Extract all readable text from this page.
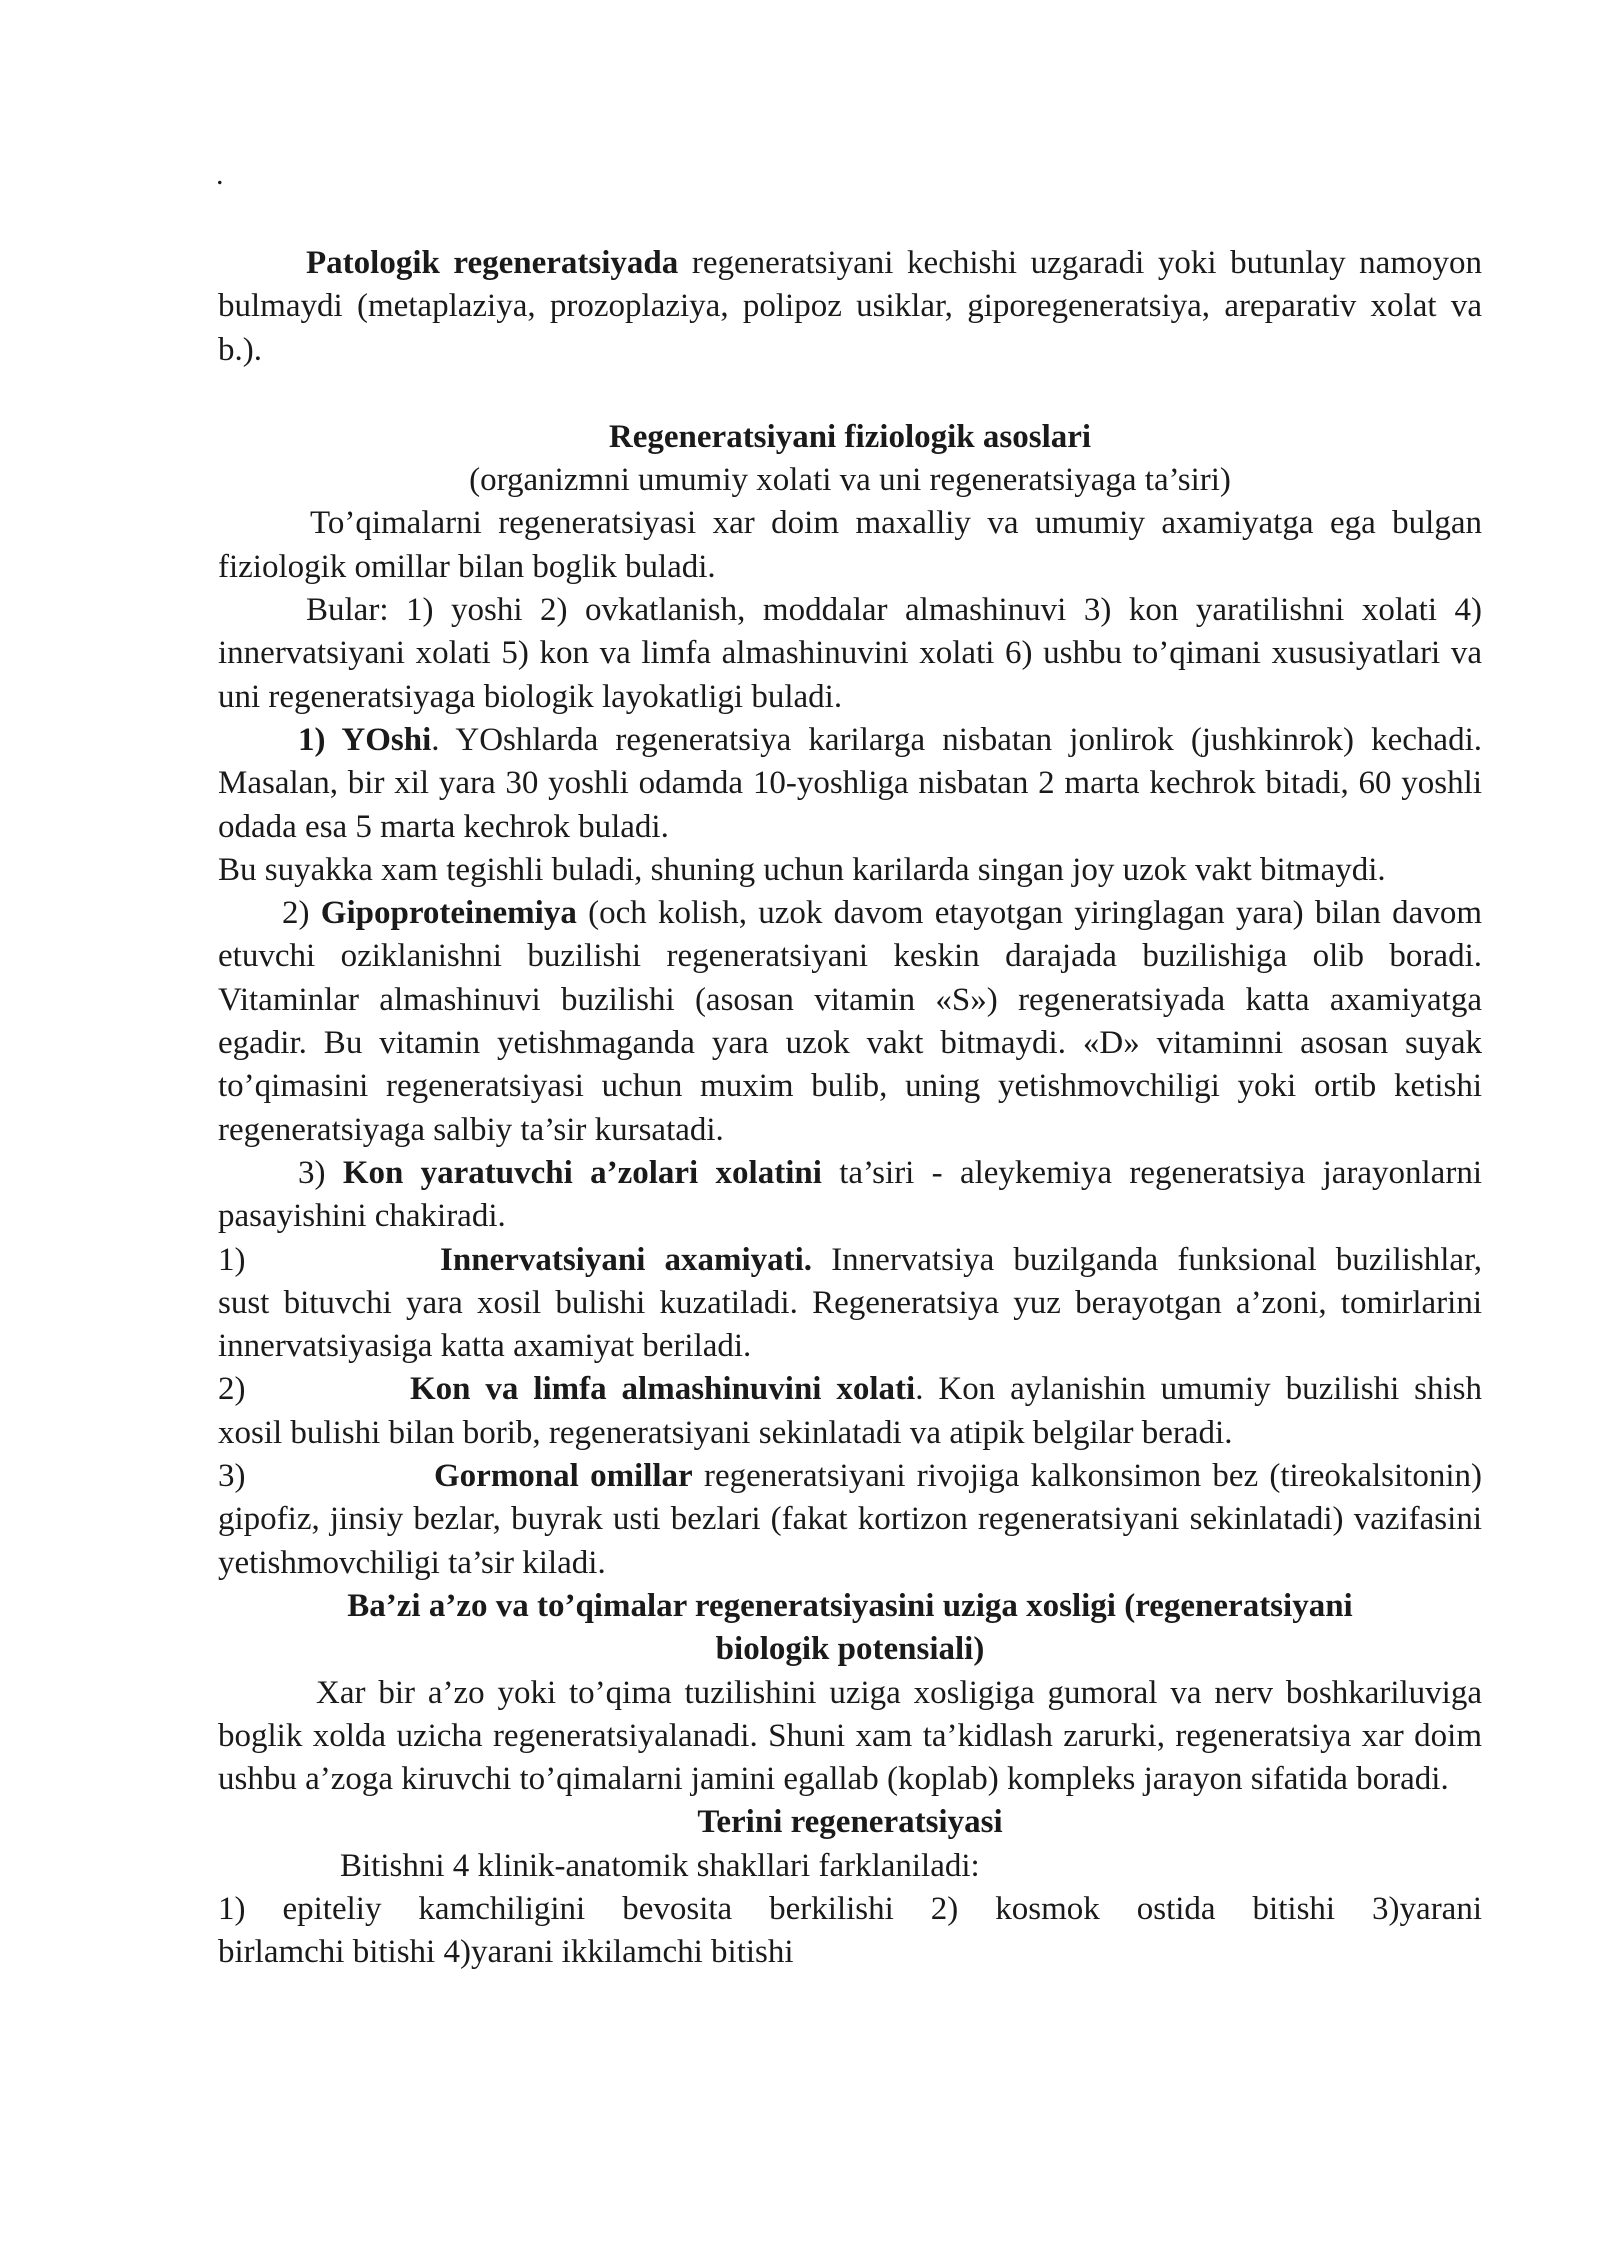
.

Patologik regeneratsiyada regeneratsiyani kechishi uzgaradi yoki butunlay namoyon bulmaydi (metaplaziya, prozoplaziya, polipoz usiklar, giporegeneratsiya, areparativ xolat va b.).

Regeneratsiyani fiziologik asoslari

(organizmni umumiy xolati va uni regeneratsiyaga ta’siri)

To’qimalarni regeneratsiyasi xar doim maxalliy va umumiy axamiyatga ega bulgan fiziologik omillar bilan boglik buladi.

Bular: 1) yoshi 2) ovkatlanish, moddalar almashinuvi 3) kon yaratilishni xolati 4) innervatsiyani xolati 5) kon va limfa almashinuvini xolati 6) ushbu to’qimani xususiyatlari va uni regeneratsiyaga biologik layokatligi buladi.

1) YOshi. YOshlarda regeneratsiya karilarga nisbatan jonlirok (jushkinrok) kechadi. Masalan, bir xil yara 30 yoshli odamda 10-yoshliga nisbatan 2 marta kechrok bitadi, 60 yoshli odada esa 5 marta kechrok buladi.

Bu suyakka xam tegishli buladi, shuning uchun karilarda singan joy uzok vakt bitmaydi.

2) Gipoproteinemiya (och kolish, uzok davom etayotgan yiringlagan yara) bilan davom etuvchi oziklanishni buzilishi regeneratsiyani keskin darajada buzilishiga olib boradi. Vitaminlar almashinuvi buzilishi (asosan vitamin «S») regeneratsiyada katta axamiyatga egadir. Bu vitamin yetishmaganda yara uzok vakt bitmaydi. «D» vitaminni asosan suyak to’qimasini regeneratsiyasi uchun muxim bulib, uning yetishmovchiligi yoki ortib ketishi regeneratsiyaga salbiy ta’sir kursatadi.

3) Kon yaratuvchi a’zolari xolatini ta’siri - aleykemiya regeneratsiya jarayonlarni pasayishini chakiradi.

1)	Innervatsiyani axamiyati. Innervatsiya buzilganda funksional buzilishlar, sust bituvchi yara xosil bulishi kuzatiladi. Regeneratsiya yuz berayotgan a’zoni, tomirlarini innervatsiyasiga katta axamiyat beriladi.

2)	Kon va limfa almashinuvini xolati. Kon aylanishin umumiy buzilishi shish xosil bulishi bilan borib, regeneratsiyani sekinlatadi va atipik belgilar beradi.

3)	Gormonal omillar regeneratsiyani rivojiga kalkonsimon bez (tireokalsitonin) gipofiz, jinsiy bezlar, buyrak usti bezlari (fakat kortizon regeneratsiyani sekinlatadi) vazifasini yetishmovchiligi ta’sir kiladi.

Ba’zi a’zo va to’qimalar regeneratsiyasini uziga xosligi (regeneratsiyani
biologik potensiali)

Xar bir a’zo yoki to’qima tuzilishini uziga xosligiga gumoral va nerv boshkariluviga boglik xolda uzicha regeneratsiyalanadi. Shuni xam ta’kidlash zarurki, regeneratsiya xar doim ushbu a’zoga kiruvchi to’qimalarni jamini egallab (koplab) kompleks jarayon sifatida boradi.

Terini regeneratsiyasi

Bitishni 4 klinik-anatomik shakllari farklaniladi:

1) epiteliy kamchiligini bevosita berkilishi 2) kosmok ostida bitishi 3)yarani

birlamchi bitishi 4)yarani ikkilamchi bitishi
